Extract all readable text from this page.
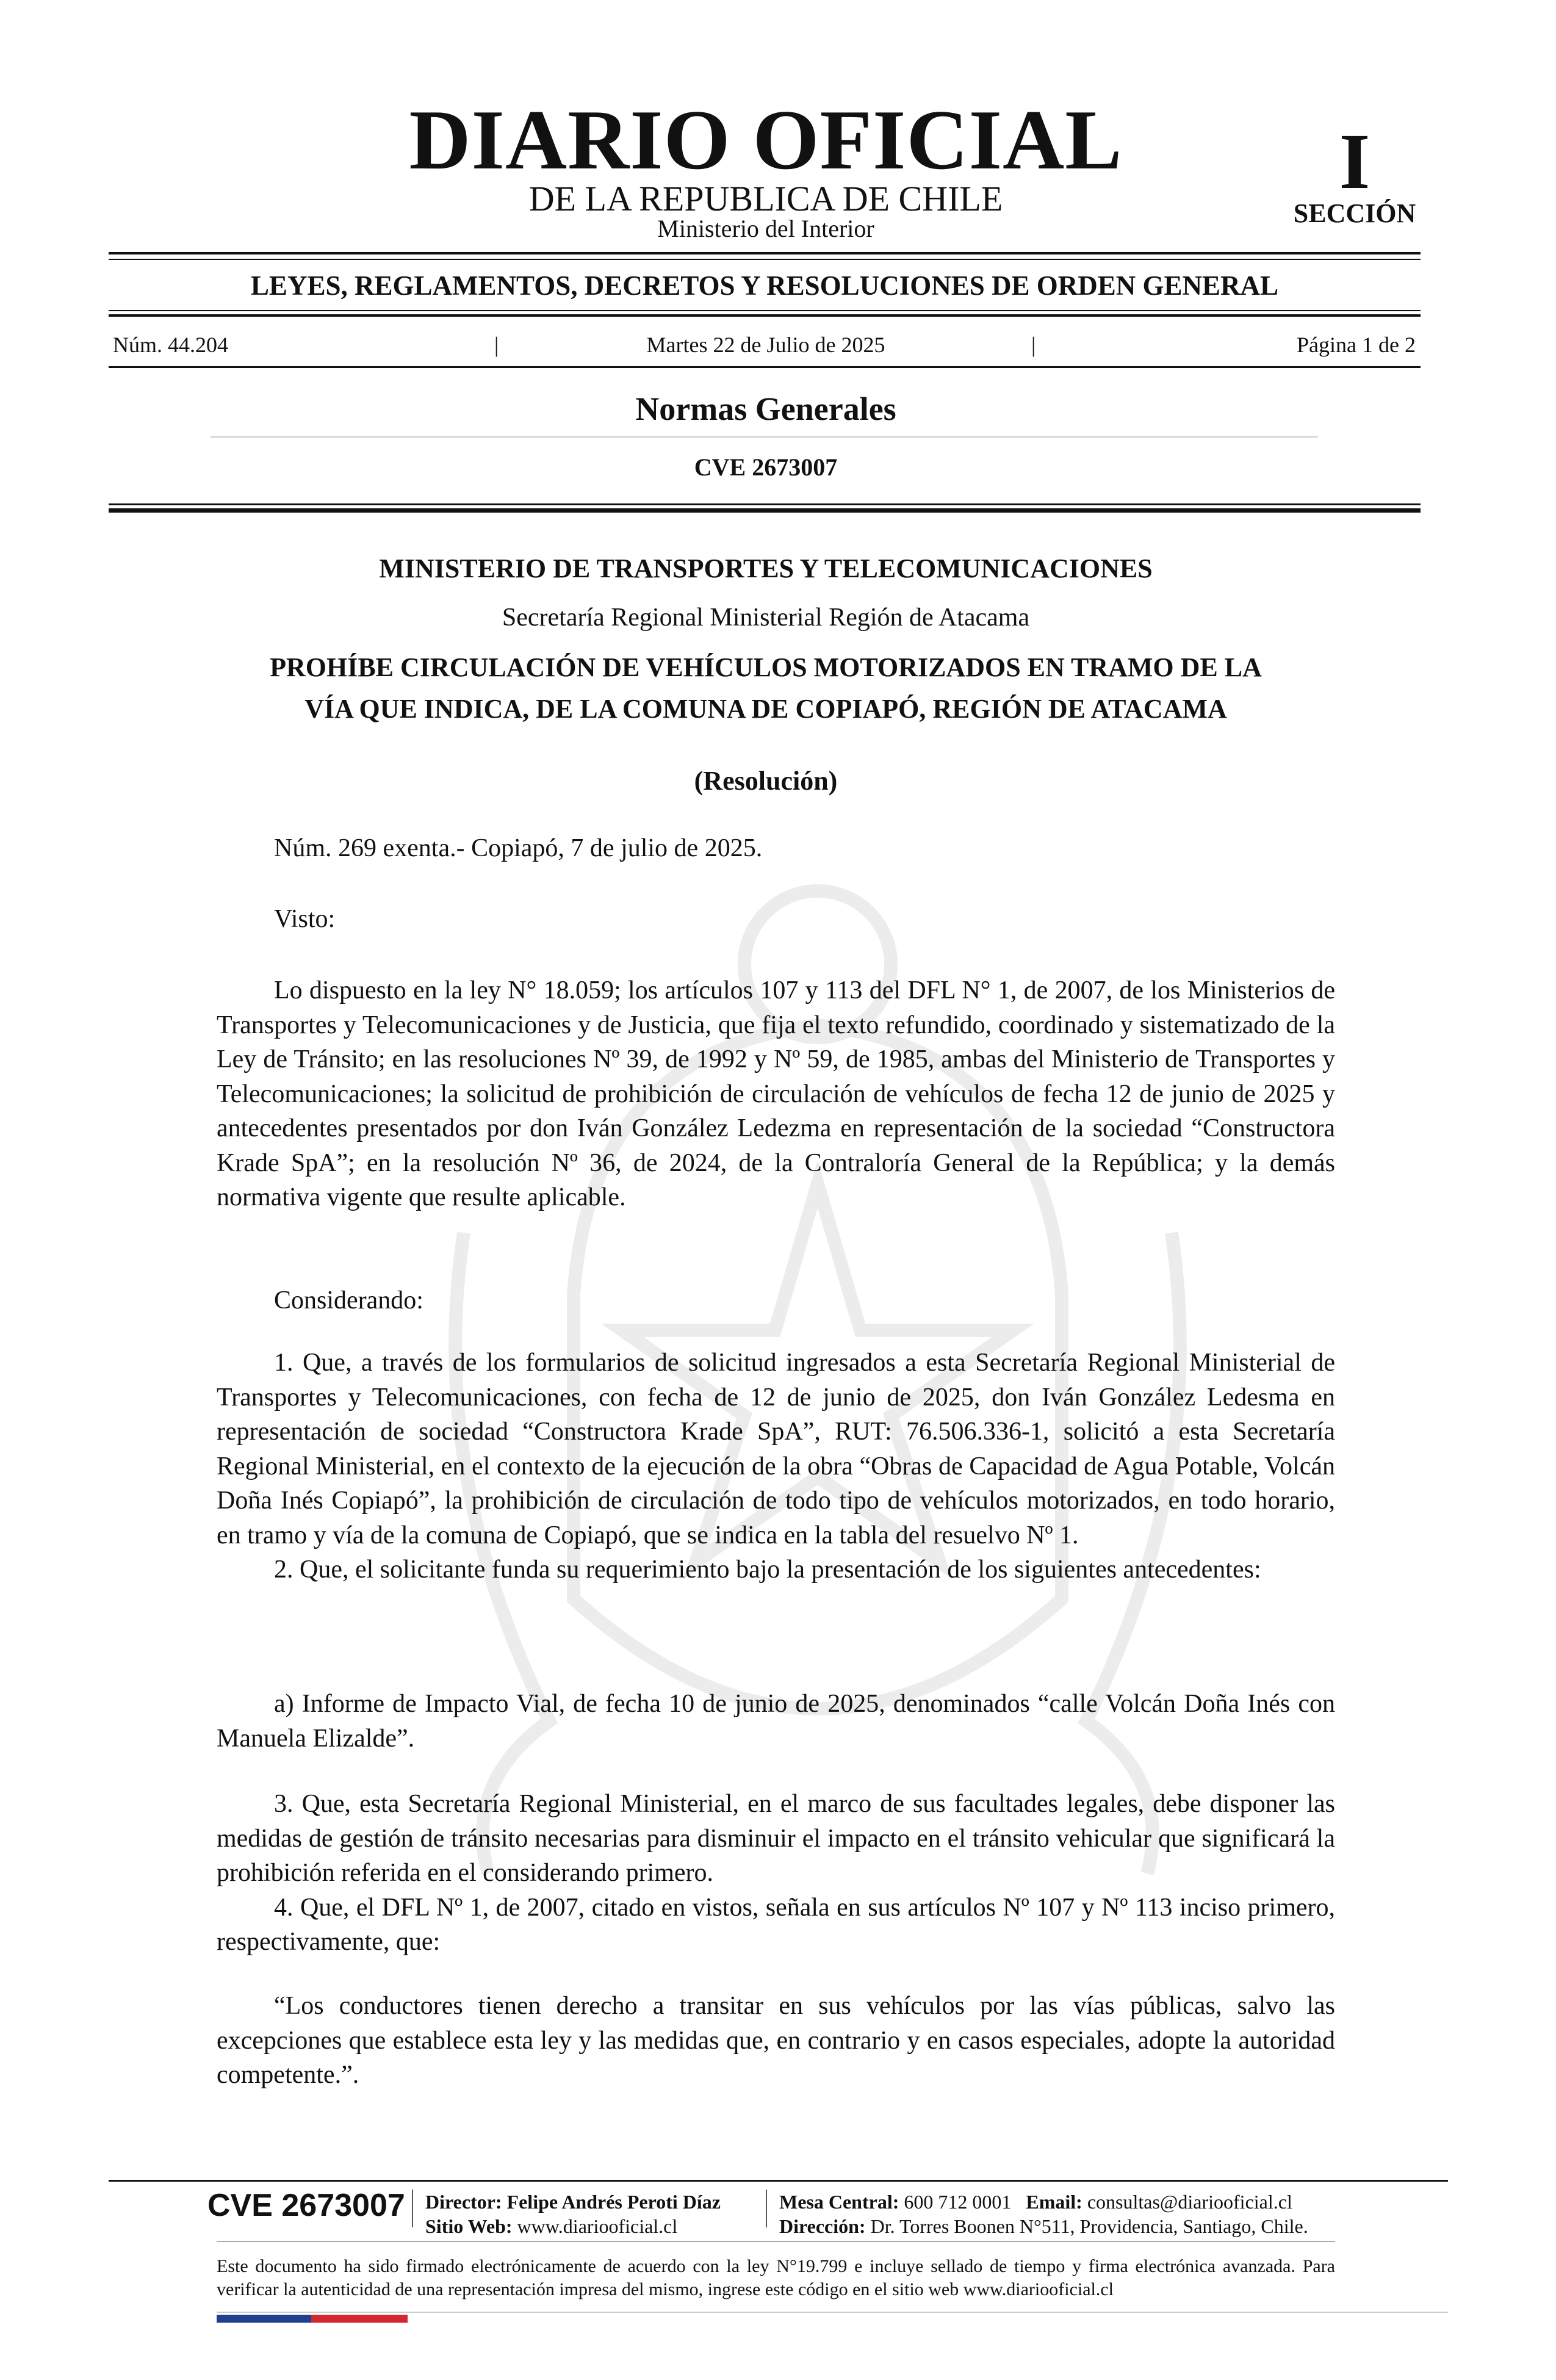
DIARIO OFICIAL
DE LA REPUBLICA DE CHILE
Ministerio del Interior
I
SECCIÓN
LEYES, REGLAMENTOS, DECRETOS Y RESOLUCIONES DE ORDEN GENERAL
Núm. 44.204	|	Martes 22 de Julio de 2025	|	Página 1 de 2
Normas Generales
CVE 2673007
MINISTERIO DE TRANSPORTES Y TELECOMUNICACIONES
Secretaría Regional Ministerial Región de Atacama
PROHÍBE CIRCULACIÓN DE VEHÍCULOS MOTORIZADOS EN TRAMO DE LA
VÍA QUE INDICA, DE LA COMUNA DE COPIAPÓ, REGIÓN DE ATACAMA
(Resolución)

Núm. 269 exenta.- Copiapó, 7 de julio de 2025.

Visto:

Lo dispuesto en la ley N° 18.059; los artículos 107 y 113 del DFL N° 1, de 2007, de los Ministerios de Transportes y Telecomunicaciones y de Justicia, que fija el texto refundido, coordinado y sistematizado de la Ley de Tránsito; en las resoluciones Nº 39, de 1992 y Nº 59, de 1985, ambas del Ministerio de Transportes y Telecomunicaciones; la solicitud de prohibición de circulación de vehículos de fecha 12 de junio de 2025 y antecedentes presentados por don Iván González Ledezma en representación de la sociedad “Constructora Krade SpA”; en la resolución Nº 36, de 2024, de la Contraloría General de la República; y la demás normativa vigente que resulte aplicable.

Considerando:

1. Que, a través de los formularios de solicitud ingresados a esta Secretaría Regional Ministerial de Transportes y Telecomunicaciones, con fecha de 12 de junio de 2025, don Iván González Ledesma en representación de sociedad “Constructora Krade SpA”, RUT: 76.506.336-1, solicitó a esta Secretaría Regional Ministerial, en el contexto de la ejecución de la obra “Obras de Capacidad de Agua Potable, Volcán Doña Inés Copiapó”, la prohibición de circulación de todo tipo de vehículos motorizados, en todo horario, en tramo y vía de la comuna de Copiapó, que se indica en la tabla del resuelvo Nº 1.

2. Que, el solicitante funda su requerimiento bajo la presentación de los siguientes antecedentes:

a) Informe de Impacto Vial, de fecha 10 de junio de 2025, denominados “calle Volcán Doña Inés con Manuela Elizalde”.

3. Que, esta Secretaría Regional Ministerial, en el marco de sus facultades legales, debe disponer las medidas de gestión de tránsito necesarias para disminuir el impacto en el tránsito vehicular que significará la prohibición referida en el considerando primero.

4. Que, el DFL Nº 1, de 2007, citado en vistos, señala en sus artículos Nº 107 y Nº 113 inciso primero, respectivamente, que:

“Los conductores tienen derecho a transitar en sus vehículos por las vías públicas, salvo las excepciones que establece esta ley y las medidas que, en contrario y en casos especiales, adopte la autoridad competente.”.

CVE 2673007 Director: Felipe Andrés Peroti Díaz
Sitio Web: www.diariooficial.cl
Mesa Central: 600 712 0001 Email: consultas@diariooficial.cl
Dirección: Dr. Torres Boonen N°511, Providencia, Santiago, Chile.
Este documento ha sido firmado electrónicamente de acuerdo con la ley N°19.799 e incluye sellado de tiempo y firma electrónica avanzada. Para verificar la autenticidad de una representación impresa del mismo, ingrese este código en el sitio web www.diariooficial.cl
